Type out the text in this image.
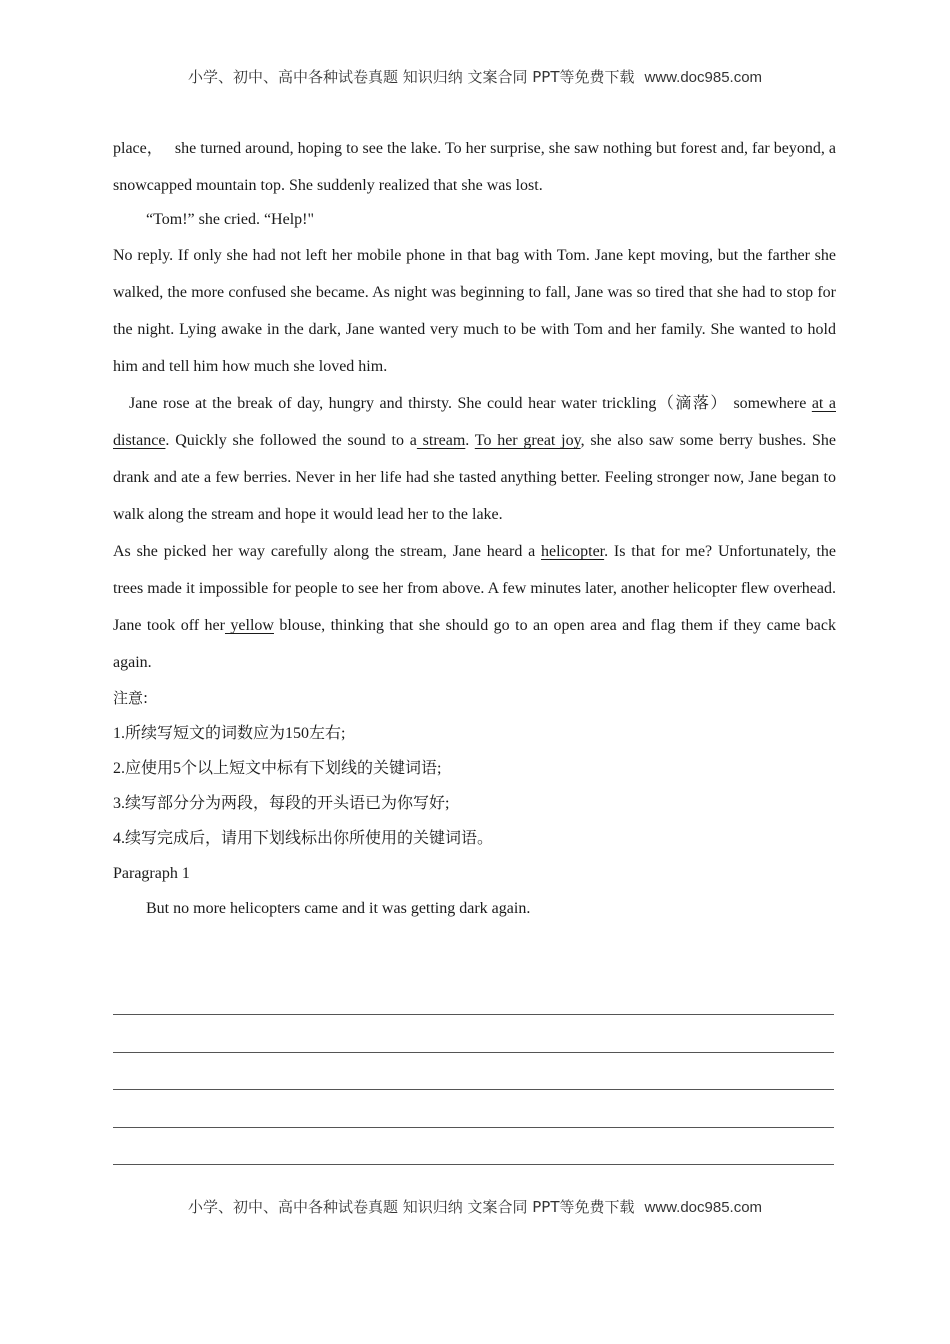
小学、初中、高中各种试卷真题 知识归纳 文案合同 PPT等免费下载 www.doc985.com

place，   she turned around, hoping to see the lake. To her surprise, she saw nothing but forest and, far beyond, a snowcapped mountain top. She suddenly realized that she was lost.

“Tom!” she cried. “Help!"

No reply. If only she had not left her mobile phone in that bag with Tom. Jane kept moving, but the farther she walked, the more confused she became. As night was beginning to fall, Jane was so tired that she had to stop for the night. Lying awake in the dark, Jane wanted very much to be with Tom and her family. She wanted to hold him and tell him how much she loved him.

Jane rose at the break of day, hungry and thirsty. She could hear water trickling（滴落） somewhere at a distance. Quickly she followed the sound to a stream. To her great joy, she also saw some berry bushes. She drank and ate a few berries. Never in her life had she tasted anything better. Feeling stronger now, Jane began to walk along the stream and hope it would lead her to the lake.

As she picked her way carefully along the stream, Jane heard a helicopter. Is that for me? Unfortunately, the trees made it impossible for people to see her from above. A few minutes later, another helicopter flew overhead. Jane took off her yellow blouse, thinking that she should go to an open area and flag them if they came back again.

注意:

1.所续写短文的词数应为150左右;

2.应使用5个以上短文中标有下划线的关键词语;

3.续写部分分为两段，每段的开头语已为你写好;

4.续写完成后，请用下划线标出你所使用的关键词语。

Paragraph 1

But no more helicopters came and it was getting dark again.

小学、初中、高中各种试卷真题 知识归纳 文案合同 PPT等免费下载 www.doc985.com
